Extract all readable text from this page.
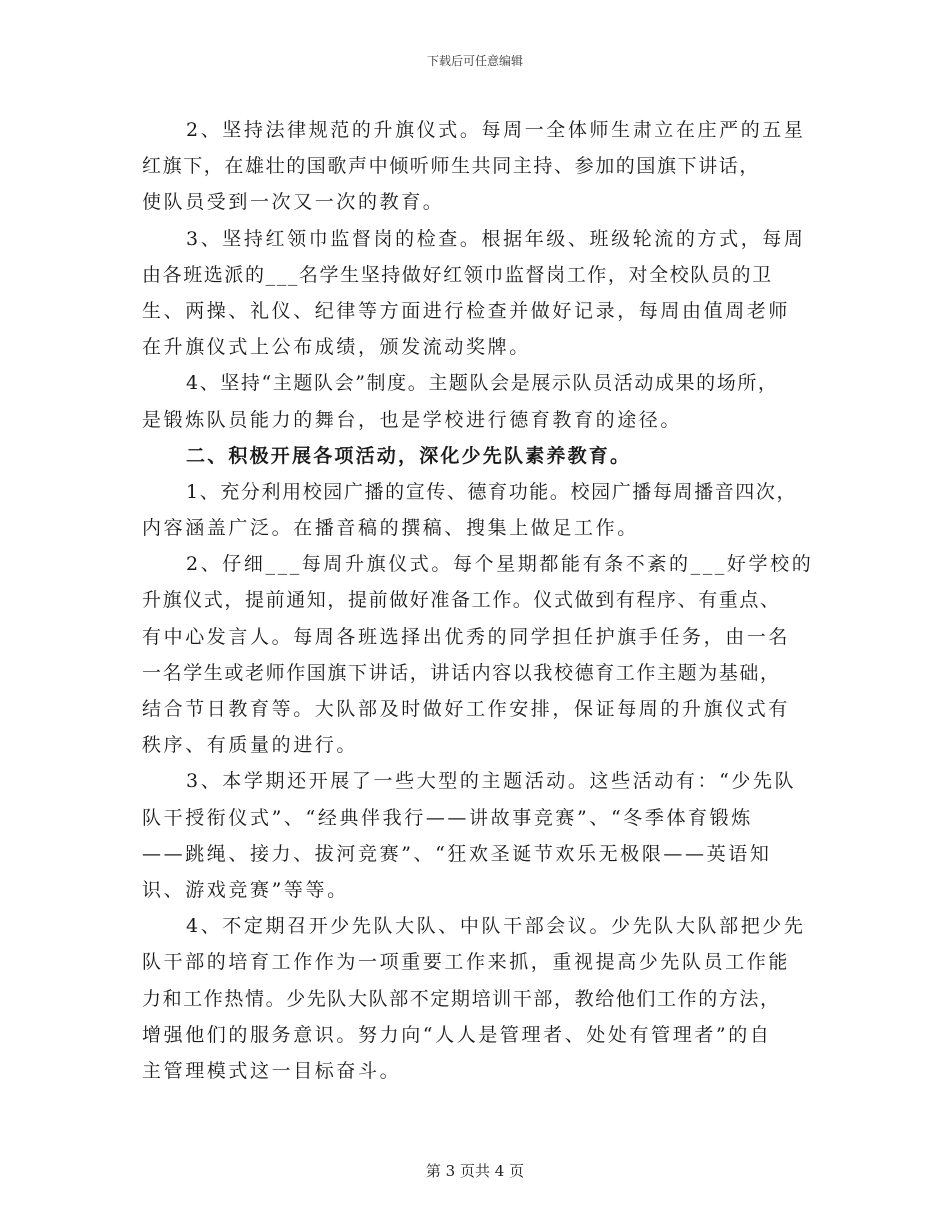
下载后可任意编辑
2、坚持法律规范的升旗仪式。每周一全体师生肃立在庄严的五星
红旗下，在雄壮的国歌声中倾听师生共同主持、参加的国旗下讲话，
使队员受到一次又一次的教育。
3、坚持红领巾监督岗的检查。根据年级、班级轮流的方式，每周
由各班选派的___名学生坚持做好红领巾监督岗工作，对全校队员的卫
生、两操、礼仪、纪律等方面进行检查并做好记录，每周由值周老师
在升旗仪式上公布成绩，颁发流动奖牌。
4、坚持“主题队会”制度。主题队会是展示队员活动成果的场所，
是锻炼队员能力的舞台，也是学校进行德育教育的途径。
二、积极开展各项活动，深化少先队素养教育。
1、充分利用校园广播的宣传、德育功能。校园广播每周播音四次，
内容涵盖广泛。在播音稿的撰稿、搜集上做足工作。
2、仔细___每周升旗仪式。每个星期都能有条不紊的___好学校的
升旗仪式，提前通知，提前做好准备工作。仪式做到有程序、有重点、
有中心发言人。每周各班选择出优秀的同学担任护旗手任务，由一名
一名学生或老师作国旗下讲话，讲话内容以我校德育工作主题为基础，
结合节日教育等。大队部及时做好工作安排，保证每周的升旗仪式有
秩序、有质量的进行。
3、本学期还开展了一些大型的主题活动。这些活动有：“少先队
队干授衔仪式”、“经典伴我行——讲故事竞赛”、“冬季体育锻炼
——跳绳、接力、拔河竞赛”、“狂欢圣诞节欢乐无极限——英语知
识、游戏竞赛”等等。
4、不定期召开少先队大队、中队干部会议。少先队大队部把少先
队干部的培育工作作为一项重要工作来抓，重视提高少先队员工作能
力和工作热情。少先队大队部不定期培训干部，教给他们工作的方法，
增强他们的服务意识。努力向“人人是管理者、处处有管理者”的自
主管理模式这一目标奋斗。
第 3 页共 4 页
